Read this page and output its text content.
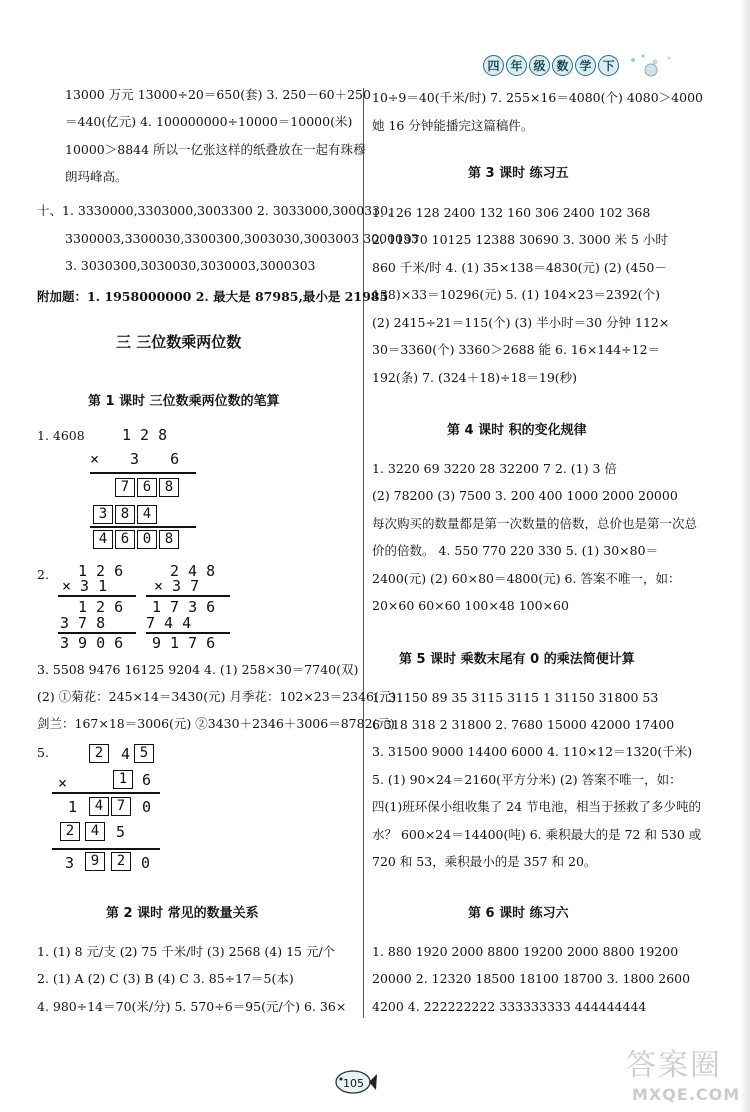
四 年 级 数 学 下
13000 万元 13000÷20＝650(套) 3. 250－60＋250
＝440(亿元) 4. 100000000÷10000＝10000(米)
10000＞8844 所以一亿张这样的纸叠放在一起有珠穆
朗玛峰高。
十、1. 3330000,3303000,3003300 2. 3033000,3000330,
3300003,3300030,3300300,3003030,3003003 3000033
3. 3030300,3030030,3030003,3000303
附加题：1. 1958000000 2. 最大是 87985,最小是 21985
三 三位数乘两位数
第 1 课时 三位数乘两位数的笔算
1. 4608 1 2 8
× 3 6
7 6 8
3 8 4
4 6 0 8
2. 1 2 6
× 3 1
1 2 6
3 7 8
3 9 0 6
2 4 8
× 3 7
1 7 3 6
7 4 4
9 1 7 6
3. 5508 9476 16125 9204 4. (1) 258×30＝7740(双)
(2) ①菊花：245×14＝3430(元) 月季花：102×23＝2346(元)
剑兰：167×18＝3006(元) ②3430＋2346＋3006＝8782(元)
5.	2	4 5
×	1 6
1	4 7	0
2	4	5
3	9	2	0
第 2 课时 常见的数量关系
1. (1) 8 元/支 (2) 75 千米/时 (3) 2568 (4) 15 元/个
2. (1) A (2) C (3) B (4) C 3. 85÷17＝5(本)
4. 980÷14＝70(米/分) 5. 570÷6＝95(元/个) 6. 36×
10÷9＝40(千米/时) 7. 255×16＝4080(个) 4080＞4000
她 16 分钟能播完这篇稿件。
第 3 课时 练习五
1. 126 128 2400 132 160 306 2400 102 368
2. 11970 10125 12388 30690 3. 3000 米 5 小时
860 千米/时 4. (1) 35×138＝4830(元) (2) (450－
138)×33＝10296(元) 5. (1) 104×23＝2392(个)
(2) 2415÷21＝115(个) (3) 半小时＝30 分钟 112×
30＝3360(个) 3360＞2688 能 6. 16×144÷12＝
192(条) 7. (324＋18)÷18＝19(秒)
第 4 课时 积的变化规律
1. 3220 69 3220 28 32200 7 2. (1) 3 倍
(2) 78200 (3) 7500 3. 200 400 1000 2000 20000
每次购买的数量都是第一次数量的倍数，总价也是第一次总
价的倍数。 4. 550 770 220 330 5. (1) 30×80＝
2400(元) (2) 60×80＝4800(元) 6. 答案不唯一，如：
20×60 60×60 100×48 100×60
第 5 课时 乘数末尾有 0 的乘法简便计算
1. 31150 89 35 3115 3115 1 31150 31800 53
6 318 318 2 31800 2. 7680 15000 42000 17400
3. 31500 9000 14400 6000 4. 110×12＝1320(千米)
5. (1) 90×24＝2160(平方分米) (2) 答案不唯一，如：
四(1)班环保小组收集了 24 节电池，相当于拯救了多少吨的
水？ 600×24＝14400(吨) 6. 乘积最大的是 72 和 530 或
720 和 53，乘积最小的是 357 和 20。
第 6 课时 练习六
1. 880 1920 2000 8800 19200 2000 8800 19200
20000 2. 12320 18500 18100 18700 3. 1800 2600
4200 4. 222222222 333333333 444444444
105
答案圈
MXQE.COM
